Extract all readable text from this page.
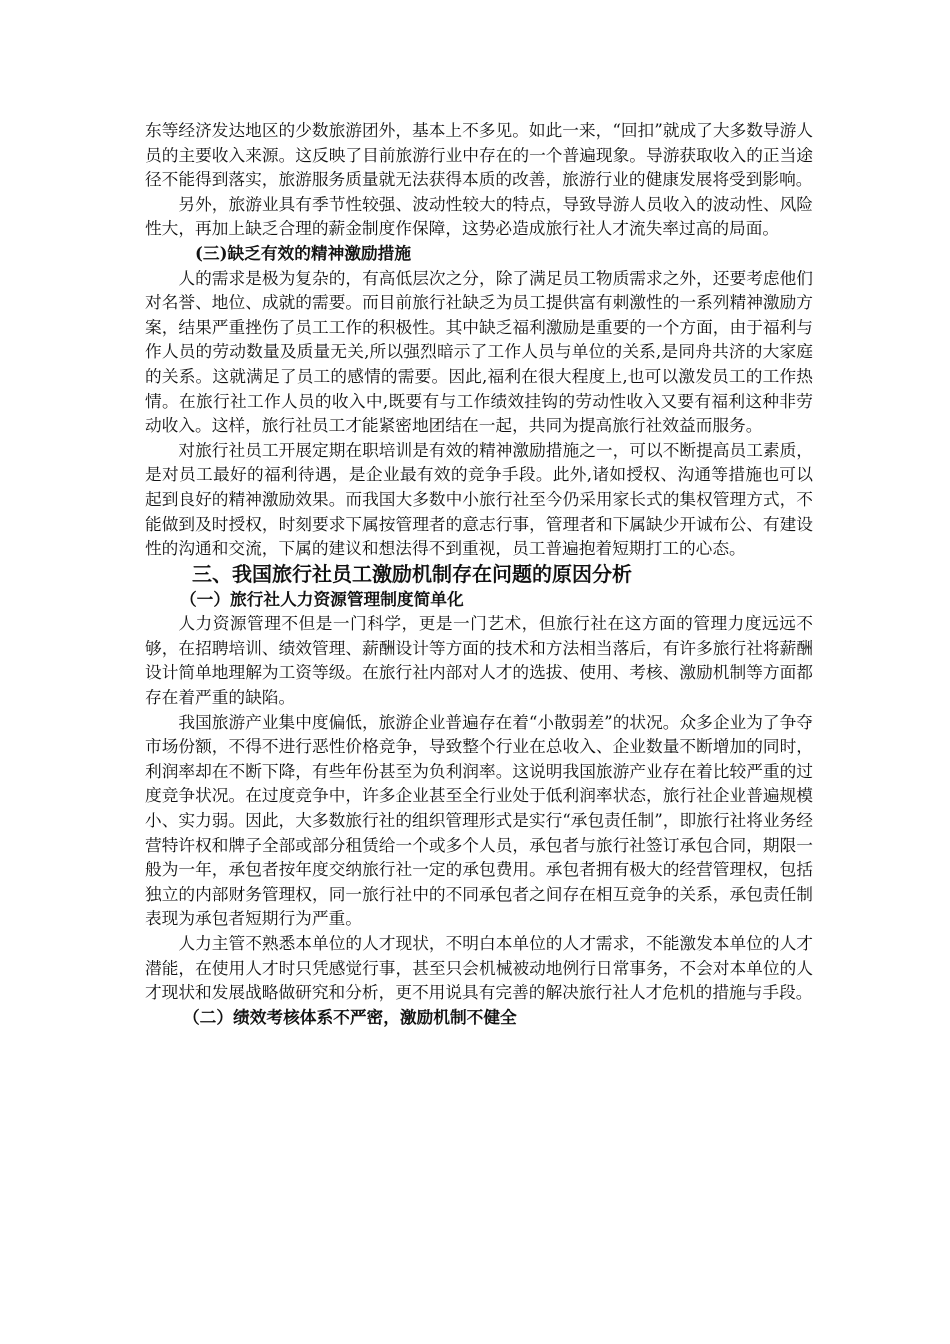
东等经济发达地区的少数旅游团外，基本上不多见。如此一来，“回扣”就成了大多数导游人员的主要收入来源。这反映了目前旅游行业中存在的一个普遍现象。导游获取收入的正当途径不能得到落实，旅游服务质量就无法获得本质的改善，旅游行业的健康发展将受到影响。

另外，旅游业具有季节性较强、波动性较大的特点，导致导游人员收入的波动性、风险性大，再加上缺乏合理的薪金制度作保障，这势必造成旅行社人才流失率过高的局面。

(三)缺乏有效的精神激励措施

人的需求是极为复杂的，有高低层次之分，除了满足员工物质需求之外，还要考虑他们对名誉、地位、成就的需要。而目前旅行社缺乏为员工提供富有刺激性的一系列精神激励方案，结果严重挫伤了员工工作的积极性。其中缺乏福利激励是重要的一个方面，由于福利与作人员的劳动数量及质量无关,所以强烈暗示了工作人员与单位的关系,是同舟共济的大家庭的关系。这就满足了员工的感情的需要。因此,福利在很大程度上,也可以激发员工的工作热情。在旅行社工作人员的收入中,既要有与工作绩效挂钩的劳动性收入又要有福利这种非劳动收入。这样，旅行社员工才能紧密地团结在一起，共同为提高旅行社效益而服务。

对旅行社员工开展定期在职培训是有效的精神激励措施之一，可以不断提高员工素质，是对员工最好的福利待遇，是企业最有效的竞争手段。此外,诸如授权、沟通等措施也可以起到良好的精神激励效果。而我国大多数中小旅行社至今仍采用家长式的集权管理方式，不能做到及时授权，时刻要求下属按管理者的意志行事，管理者和下属缺少开诚布公、有建设性的沟通和交流，下属的建议和想法得不到重视，员工普遍抱着短期打工的心态。

三、我国旅行社员工激励机制存在问题的原因分析
（一）旅行社人力资源管理制度简单化

人力资源管理不但是一门科学，更是一门艺术，但旅行社在这方面的管理力度远远不够，在招聘培训、绩效管理、薪酬设计等方面的技术和方法相当落后，有许多旅行社将薪酬设计简单地理解为工资等级。在旅行社内部对人才的选拔、使用、考核、激励机制等方面都存在着严重的缺陷。

我国旅游产业集中度偏低，旅游企业普遍存在着“小散弱差”的状况。众多企业为了争夺市场份额，不得不进行恶性价格竞争，导致整个行业在总收入、企业数量不断增加的同时，利润率却在不断下降，有些年份甚至为负利润率。这说明我国旅游产业存在着比较严重的过度竞争状况。在过度竞争中，许多企业甚至全行业处于低利润率状态，旅行社企业普遍规模小、实力弱。因此，大多数旅行社的组织管理形式是实行“承包责任制”，即旅行社将业务经营特许权和牌子全部或部分租赁给一个或多个人员，承包者与旅行社签订承包合同，期限一般为一年，承包者按年度交纳旅行社一定的承包费用。承包者拥有极大的经营管理权，包括独立的内部财务管理权，同一旅行社中的不同承包者之间存在相互竞争的关系，承包责任制表现为承包者短期行为严重。

人力主管不熟悉本单位的人才现状，不明白本单位的人才需求，不能激发本单位的人才潜能，在使用人才时只凭感觉行事，甚至只会机械被动地例行日常事务，不会对本单位的人才现状和发展战略做研究和分析，更不用说具有完善的解决旅行社人才危机的措施与手段。

（二）绩效考核体系不严密，激励机制不健全
